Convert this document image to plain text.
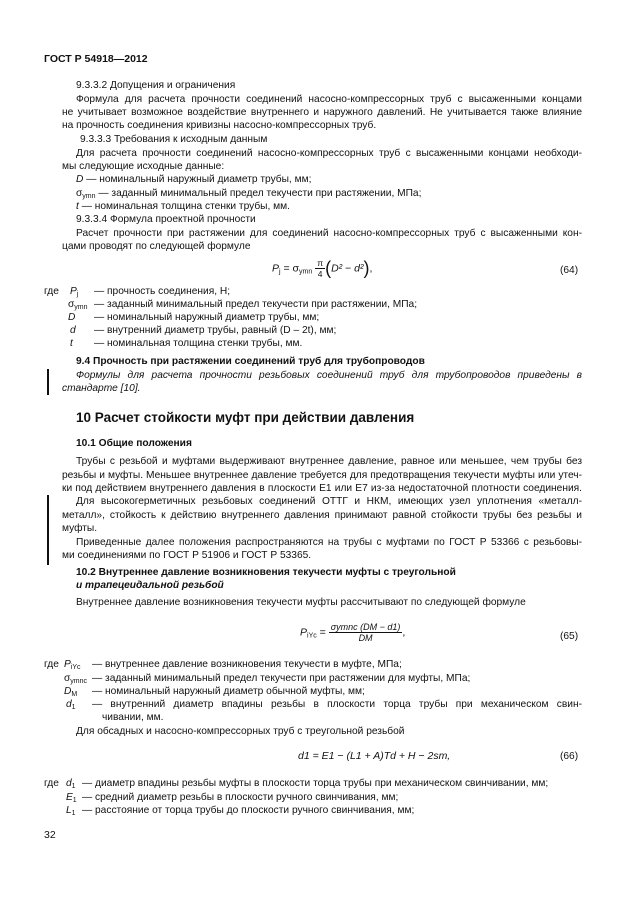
ГОСТ Р 54918—2012
9.3.3.2 Допущения и ограничения
Формула для расчета прочности соединений насосно-компрессорных труб с высаженными концами
не учитывает возможное воздействие внутреннего и наружного давлений. Не учитывается также влияние
на прочность соединения кривизны насосно-компрессорных труб.
9.3.3.3 Требования к исходным данным
Для расчета прочности соединений насосно-компрессорных труб с высаженными концами необходи-
мы следующие исходные данные:
D — номинальный наружный диаметр трубы, мм;
$\sigma_{ymn}$ — заданный минимальный предел текучести при растяжении, МПа;
t — номинальная толщина стенки трубы, мм.
9.3.3.4 Формула проектной прочности
Расчет прочности при растяжении для соединений насосно-компрессорных труб с высаженными кон-
цами проводят по следующей формуле
$P_j = \sigma_{ymn} \frac{\pi}{4} (D^2 - d^2)$,	(64)
где $P_j$ — прочность соединения, Н;
$\sigma_{ymn}$ — заданный минимальный предел текучести при растяжении, МПа;
D — номинальный наружный диаметр трубы, мм;
d — внутренний диаметр трубы, равный (D – 2t), мм;
t — номинальная толщина стенки трубы, мм.
9.4 Прочность при растяжении соединений труб для трубопроводов
Формулы для расчета прочности резьбовых соединений труб для трубопроводов приведены в
стандарте [10].
10 Расчет стойкости муфт при действии давления
10.1 Общие положения
Трубы с резьбой и муфтами выдерживают внутреннее давление, равное или меньшее, чем трубы без
резьбы и муфты. Меньшее внутреннее давление требуется для предотвращения текучести муфты или утеч-
ки под действием внутреннего давления в плоскости E1 или E7 из-за недостаточной плотности соединения.
Для высокогерметичных резьбовых соединений ОТТГ и НКМ, имеющих узел уплотнения «металл-
металл», стойкость к действию внутреннего давления принимают равной стойкости трубы без резьбы и
муфты.
Приведенные далее положения распространяются на трубы с муфтами по ГОСТ Р 53366 с резьбовы-
ми соединениями по ГОСТ Р 51906 и ГОСТ Р 53365.
10.2 Внутреннее давление возникновения текучести муфты с треугольной
и трапецеидальной резьбой
Внутреннее давление возникновения текучести муфты рассчитывают по следующей формуле
$P_{iYc} = \frac{\text{σymnc (DM − d1)}}{DM}$ ,	(65)
где $P_{iYc}$ — внутреннее давление возникновения текучести в муфте, МПа;
$\sigma_{ymnc}$ — заданный минимальный предел текучести при растяжении для муфты, МПа;
$D_M$ — номинальный наружный диаметр обычной муфты, мм;
$d_1$ — внутренний диаметр впадины резьбы в плоскости торца трубы при механическом свин-
чивании, мм.
Для обсадных и насосно-компрессорных труб с треугольной резьбой
d1 = E1 − (L1 + A)Td + H − 2sm,	(66)
где $d_1$ — диаметр впадины резьбы муфты в плоскости торца трубы при механическом свинчивании, мм;
$E_1$ — средний диаметр резьбы в плоскости ручного свинчивания, мм;
$L_1$ — расстояние от торца трубы до плоскости ручного свинчивания, мм;
32
